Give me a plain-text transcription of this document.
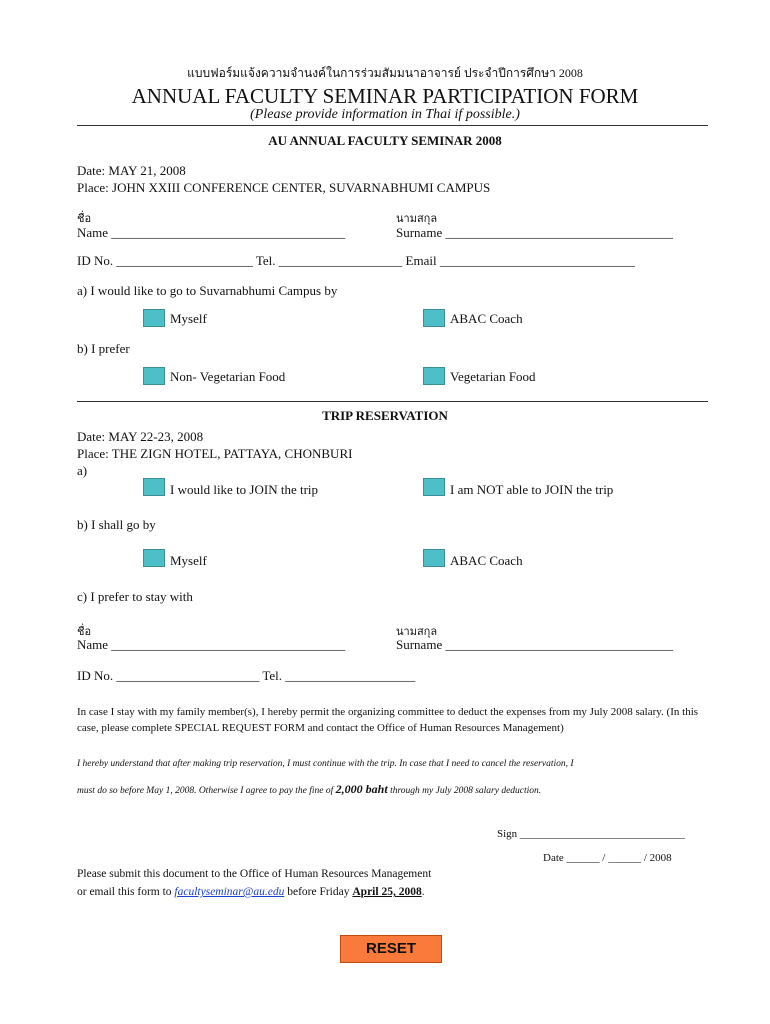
แบบฟอร์มแจ้งความจำนงค์ในการร่วมสัมมนาอาจารย์ ประจำปีการศึกษา 2008
ANNUAL FACULTY SEMINAR PARTICIPATION FORM
(Please provide information in Thai if possible.)
AU ANNUAL FACULTY SEMINAR 2008
Date: MAY 21, 2008
Place: JOHN XXIII CONFERENCE CENTER, SUVARNABHUMI CAMPUS
ชื่อ
Name ____________________________________
นามสกุล
Surname ___________________________________
ID No. _____________________ Tel. ___________________ Email ______________________________
a) I would like to go to Suvarnabhumi Campus by
Myself	ABAC Coach
b) I prefer
Non- Vegetarian Food	Vegetarian Food
TRIP RESERVATION
Date: MAY 22-23, 2008
Place: THE ZIGN HOTEL, PATTAYA, CHONBURI
a)
I would like to JOIN the trip	I am NOT able to JOIN the trip
b) I shall go by
Myself	ABAC Coach
c) I prefer to stay with
ชื่อ
Name ____________________________________
นามสกุล
Surname ___________________________________
ID No. ______________________ Tel. ____________________
In case I stay with my family member(s), I hereby permit the organizing committee to deduct the expenses from my July 2008 salary. (In this case, please complete SPECIAL REQUEST FORM and contact the Office of Human Resources Management)
I hereby understand that after making trip reservation, I must continue with the trip. In case that I need to cancel the reservation, I
must do so before May 1, 2008. Otherwise I agree to pay the fine of 2,000 baht through my July 2008 salary deduction.
Sign ______________________________
Date ______ / ______ / 2008
Please submit this document to the Office of Human Resources Management
or email this form to facultyseminar@au.edu before Friday April 25, 2008.
RESET
